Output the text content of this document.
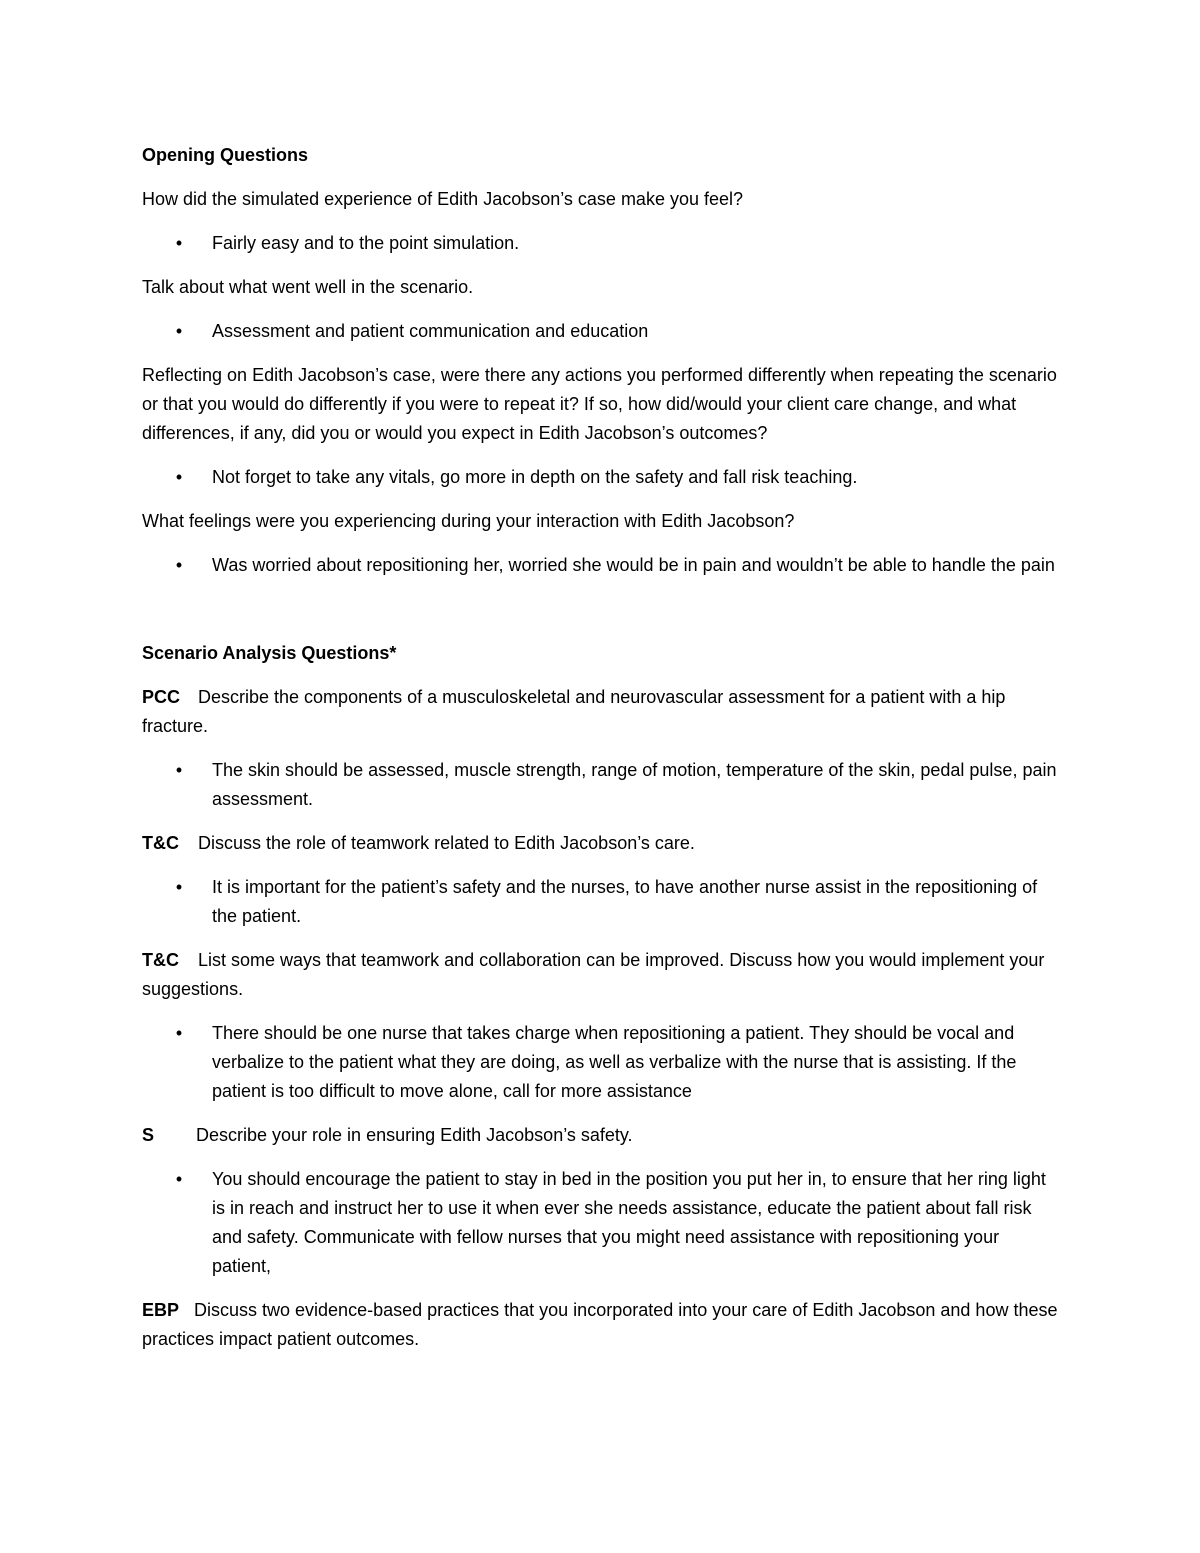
Opening Questions

How did the simulated experience of Edith Jacobson’s case make you feel?

• Fairly easy and to the point simulation.

Talk about what went well in the scenario.

• Assessment and patient communication and education

Reflecting on Edith Jacobson’s case, were there any actions you performed differently when repeating the scenario or that you would do differently if you were to repeat it? If so, how did/would your client care change, and what differences, if any, did you or would you expect in Edith Jacobson’s outcomes?

• Not forget to take any vitals, go more in depth on the safety and fall risk teaching.

What feelings were you experiencing during your interaction with Edith Jacobson?

• Was worried about repositioning her, worried she would be in pain and wouldn’t be able to handle the pain

Scenario Analysis Questions*

PCC Describe the components of a musculoskeletal and neurovascular assessment for a patient with a hip fracture.

• The skin should be assessed, muscle strength, range of motion, temperature of the skin, pedal pulse, pain assessment.

T&C Discuss the role of teamwork related to Edith Jacobson’s care.

• It is important for the patient’s safety and the nurses, to have another nurse assist in the repositioning of the patient.

T&C List some ways that teamwork and collaboration can be improved. Discuss how you would implement your suggestions.

• There should be one nurse that takes charge when repositioning a patient. They should be vocal and verbalize to the patient what they are doing, as well as verbalize with the nurse that is assisting. If the patient is too difficult to move alone, call for more assistance

S Describe your role in ensuring Edith Jacobson’s safety.

• You should encourage the patient to stay in bed in the position you put her in, to ensure that her ring light is in reach and instruct her to use it when ever she needs assistance, educate the patient about fall risk and safety. Communicate with fellow nurses that you might need assistance with repositioning your patient,

EBP Discuss two evidence-based practices that you incorporated into your care of Edith Jacobson and how these practices impact patient outcomes.
